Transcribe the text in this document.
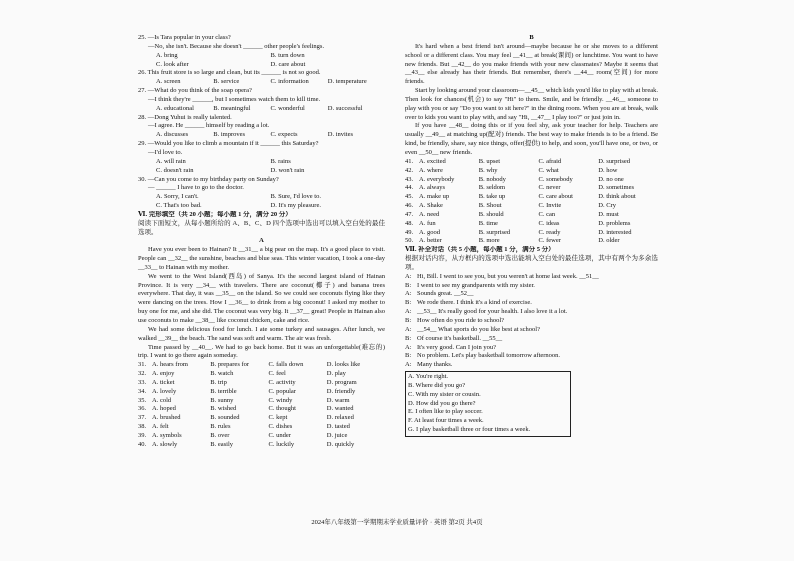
25. —Is Tara popular in your class?
—No, she isn't. Because she doesn't ______ other people's feelings.
A. bring	B. turn down
C. look after	D. care about
26. This fruit store is so large and clean, but its ______ is not so good.
A. screen	B. service	C. information	D. temperature
27. —What do you think of the soap opera?
—I think they're ______, but I sometimes watch them to kill time.
A. educational	B. meaningful	C. wonderful	D. successful
28. —Dong Yuhui is really talented.
—I agree. He ______ himself by reading a lot.
A. discusses	B. improves	C. expects	D. invites
29. —Would you like to climb a mountain if it ______ this Saturday?
—I'd love to.
A. will rain	B. rains
C. doesn't rain	D. won't rain
30. —Can you come to my birthday party on Sunday?
— ______ I have to go to the doctor.
A. Sorry, I can't.	B. Sure, I'd love to.
C. That's too bad.	D. It's my pleasure.
Ⅵ. 完形填空（共 20 小题；每小题 1 分，满分 20 分）
阅读下面短文，从每小题所给的 A、B、C、D 四个选项中选出可以填入空白处的最佳选项。
A
Have you ever been to Hainan? It __31__ a big pear on the map. It's a good place to visit. People can __32__ the sunshine, beaches and blue seas. This winter vacation, I took a one-day __33__ to Hainan with my mother.
We went to the West Island(西岛) of Sanya. It's the second largest island of Hainan Province. It is very __34__ with travelers. There are coconut(椰子) and banana trees everywhere. That day, it was __35__ on the island. So we could see coconuts flying like they were dancing on the trees. How I __36__ to drink from a big coconut! I asked my mother to buy one for me, and she did. The coconut was very big. It __37__ great! People in Hainan also use coconuts to make __38__ like coconut chicken, cake and rice.
We had some delicious food for lunch. I ate some turkey and sausages. After lunch, we walked __39__ the beach. The sand was soft and warm. The air was fresh.
Time passed by __40__. We had to go back home. But it was an unforgettable(难忘的) trip. I want to go there again someday.
31. A. hears from	B. prepares for	C. falls down	D. looks like
32. A. enjoy	B. watch	C. feel	D. play
33. A. ticket	B. trip	C. activity	D. program
34. A. lovely	B. terrible	C. popular	D. friendly
35. A. cold	B. sunny	C. windy	D. warm
36. A. hoped	B. wished	C. thought	D. wanted
37. A. brushed	B. sounded	C. kept	D. relaxed
38. A. felt	B. rules	C. dishes	D. tasted
39. A. symbols	B. over	C. under	D. juice
40. A. slowly	B. easily	C. luckily	D. quickly
B
It's hard when a best friend isn't around—maybe because he or she moves to a different school or a different class. You may feel __41__ at break(课间) or lunchtime. You want to have new friends. But __42__ do you make friends with your new classmates? Maybe it seems that __43__ else already has their friends. But remember, there's __44__ room(空间) for more friends.
Start by looking around your classroom—__45__ which kids you'd like to play with at break. Then look for chances(机会) to say "Hi" to them. Smile, and be friendly. __46__ someone to play with you or say "Do you want to sit here?" in the dining room. When you are at break, walk over to kids you want to play with, and say "Hi, __47__ I play too?" or just join in.
If you have __48__ doing this or if you feel shy, ask your teacher for help. Teachers are usually __49__ at matching up(配对) friends. The best way to make friends is to be a friend. Be kind, be friendly, share, say nice things, offer(提供) to help, and soon, you'll have one, or two, or even __50__ new friends.
41. A. excited	B. upset	C. afraid	D. surprised
42. A. where	B. why	C. what	D. how
43. A. everybody	B. nobody	C. somebody	D. no one
44. A. always	B. seldom	C. never	D. sometimes
45. A. make up	B. take up	C. care about	D. think about
46. A. Shake	B. Shout	C. Invite	D. Cry
47. A. need	B. should	C. can	D. must
48. A. fun	B. time	C. ideas	D. problems
49. A. good	B. surprised	C. ready	D. interested
50. A. better	B. more	C. fewer	D. older
Ⅶ. 补全对话（共 5 小题，每小题 1 分，满分 5 分）
根据对话内容，从方框内的选项中选出能填入空白处的最佳选项，其中有两个为多余选项。
A: Hi, Bill. I went to see you, but you weren't at home last week. __51__
B: I went to see my grandparents with my sister.
A: Sounds great. __52__
B: We rode there. I think it's a kind of exercise.
A: __53__ It's really good for your health. I also love it a lot.
B: How often do you ride to school?
A: __54__ What sports do you like best at school?
B: Of course it's basketball. __55__
A: It's very good. Can I join you?
B: No problem. Let's play basketball tomorrow afternoon.
A: Many thanks.
A. You're right.
B. Where did you go?
C. With my sister or cousin.
D. How did you go there?
E. I often like to play soccer.
F. At least four times a week.
G. I play basketball three or four times a week.
2024年八年级第一学期期末学业质量评价 · 英语 第2页 共4页
